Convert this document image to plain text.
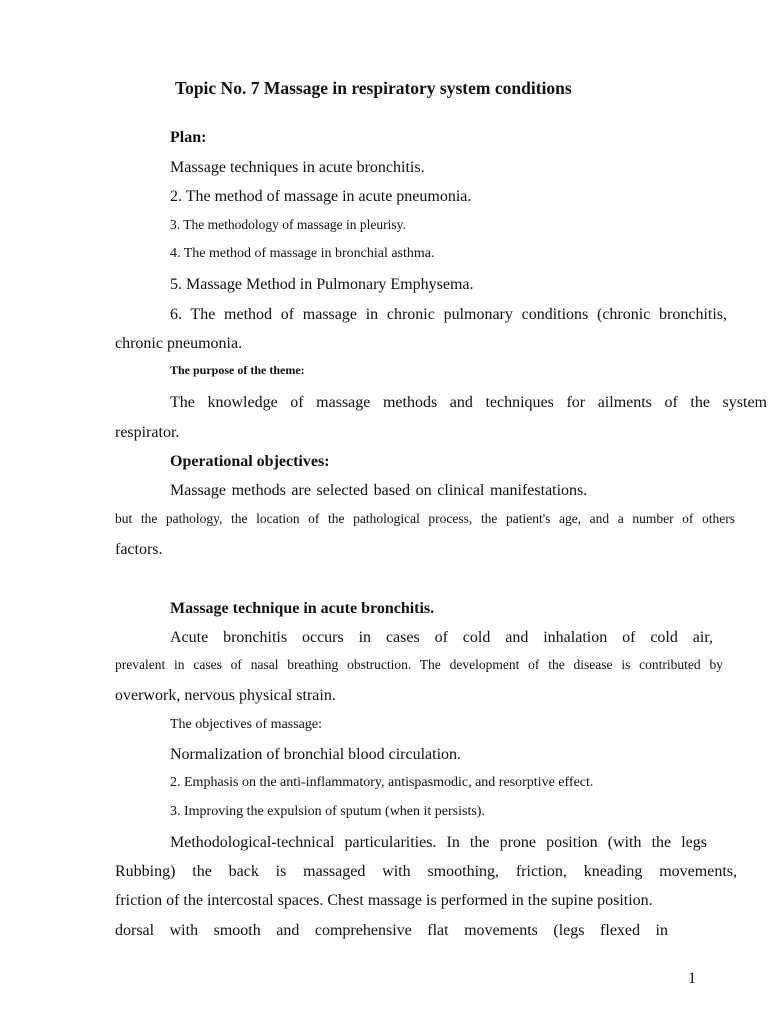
Topic No. 7 Massage in respiratory system conditions
Plan:
Massage techniques in acute bronchitis.
2. The method of massage in acute pneumonia.
3. The methodology of massage in pleurisy.
4. The method of massage in bronchial asthma.
5. Massage Method in Pulmonary Emphysema.
6. The method of massage in chronic pulmonary conditions (chronic bronchitis,
chronic pneumonia.
The purpose of the theme:
The knowledge of massage methods and techniques for ailments of the system
respirator.
Operational objectives:
Massage methods are selected based on clinical manifestations.
but the pathology, the location of the pathological process, the patient's age, and a number of others
factors.
Massage technique in acute bronchitis.
Acute bronchitis occurs in cases of cold and inhalation of cold air,
prevalent in cases of nasal breathing obstruction. The development of the disease is contributed by
overwork, nervous physical strain.
The objectives of massage:
Normalization of bronchial blood circulation.
2. Emphasis on the anti-inflammatory, antispasmodic, and resorptive effect.
3. Improving the expulsion of sputum (when it persists).
Methodological-technical particularities. In the prone position (with the legs
Rubbing) the back is massaged with smoothing, friction, kneading movements,
friction of the intercostal spaces. Chest massage is performed in the supine position.
dorsal with smooth and comprehensive flat movements (legs flexed in
1
